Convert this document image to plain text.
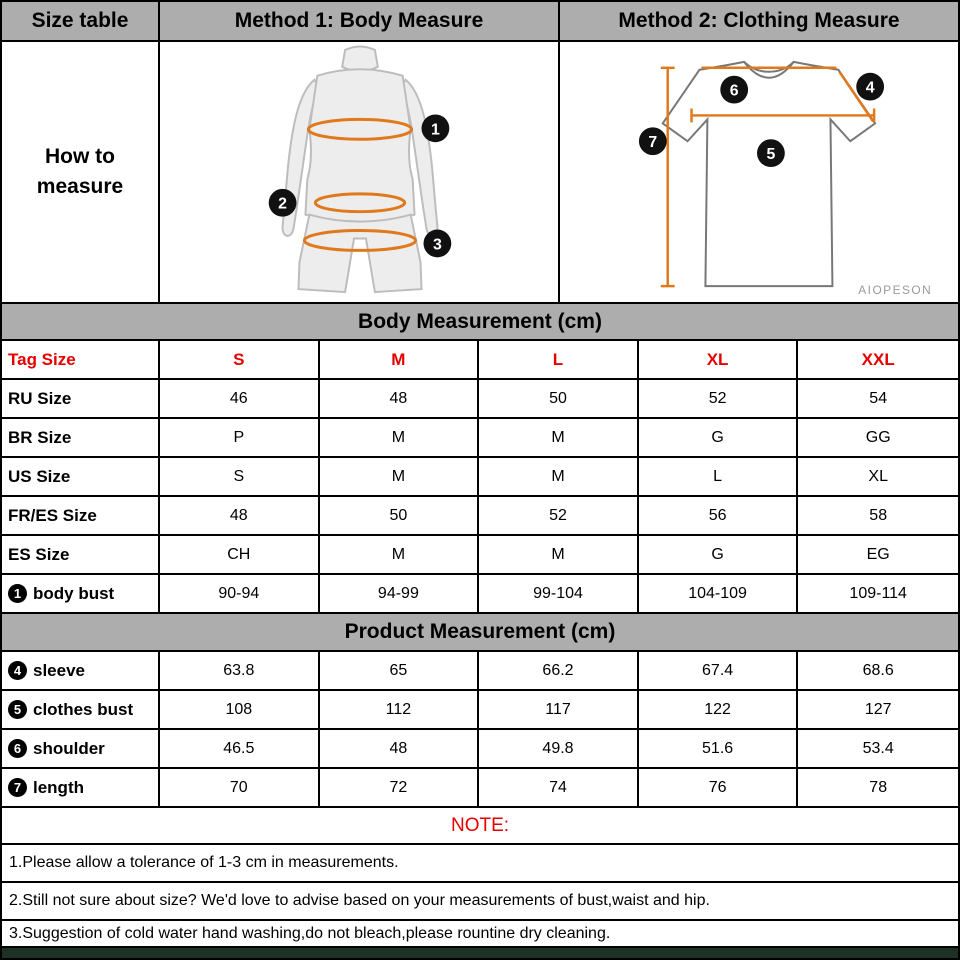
Size table	Method 1: Body Measure	Method 2: Clothing Measure
How to measure
1
2
3
6	4
5
7
AIOPESON
Body Measurement (cm)
Tag Size	S	M	L	XL	XXL
RU Size	46	48	50	52	54
BR Size	P	M	M	G	GG
US Size	S	M	M	L	XL
FR/ES Size	48	50	52	56	58
ES Size	CH	M	M	G	EG
1 body bust	90-94	94-99	99-104	104-109	109-114
Product Measurement (cm)
4 sleeve	63.8	65	66.2	67.4	68.6
5 clothes bust	108	112	117	122	127
6 shoulder	46.5	48	49.8	51.6	53.4
7 length	70	72	74	76	78
NOTE:
1.Please allow a tolerance of 1-3 cm in measurements.
2.Still not sure about size? We'd love to advise based on your measurements of bust,waist and hip.
3.Suggestion of cold water hand washing,do not bleach,please rountine dry cleaning.
